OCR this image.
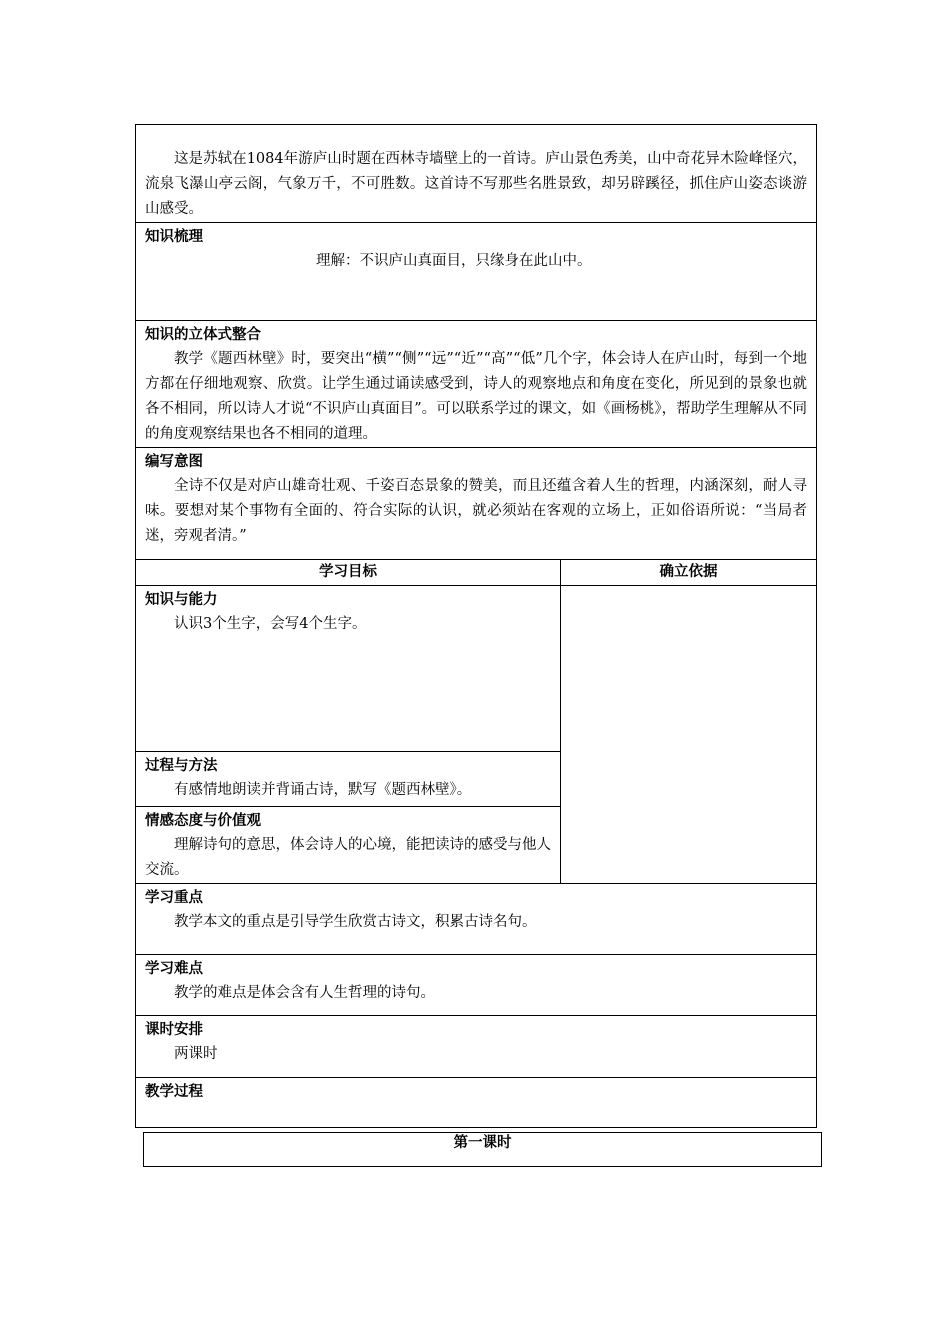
这是苏轼在1084年游庐山时题在西林寺墙壁上的一首诗。庐山景色秀美，山中奇花异木险峰怪穴，流泉飞瀑山亭云阁，气象万千，不可胜数。这首诗不写那些名胜景致，却另辟蹊径，抓住庐山姿态谈游山感受。	

知识梳理
理解：不识庐山真面目，只缘身在此山中。	

知识的立体式整合

教学《题西林壁》时，要突出“横”“侧”“远”“近”“高”“低”几个字，体会诗人在庐山时，每到一个地方都在仔细地观察、欣赏。让学生通过诵读感受到，诗人的观察地点和角度在变化，所见到的景象也就各不相同，所以诗人才说“不识庐山真面目”。可以联系学过的课文，如《画杨桃》，帮助学生理解从不同的角度观察结果也各不相同的道理。	

编写意图

全诗不仅是对庐山雄奇壮观、千姿百态景象的赞美，而且还蕴含着人生的哲理，内涵深刻，耐人寻味。要想对某个事物有全面的、符合实际的认识，就必须站在客观的立场上，正如俗语所说：“当局者迷，旁观者清。”	

学习目标	确立依据

知识与能力

认识3个生字，会写4个生字。	

过程与方法

有感情地朗读并背诵古诗，默写《题西林壁》。	

情感态度与价值观

理解诗句的意思，体会诗人的心境，能把读诗的感受与他人交流。	

学习重点

教学本文的重点是引导学生欣赏古诗文，积累古诗名句。	

学习难点

教学的难点是体会含有人生哲理的诗句。	

课时安排

两课时	

教学过程	
第一课时
